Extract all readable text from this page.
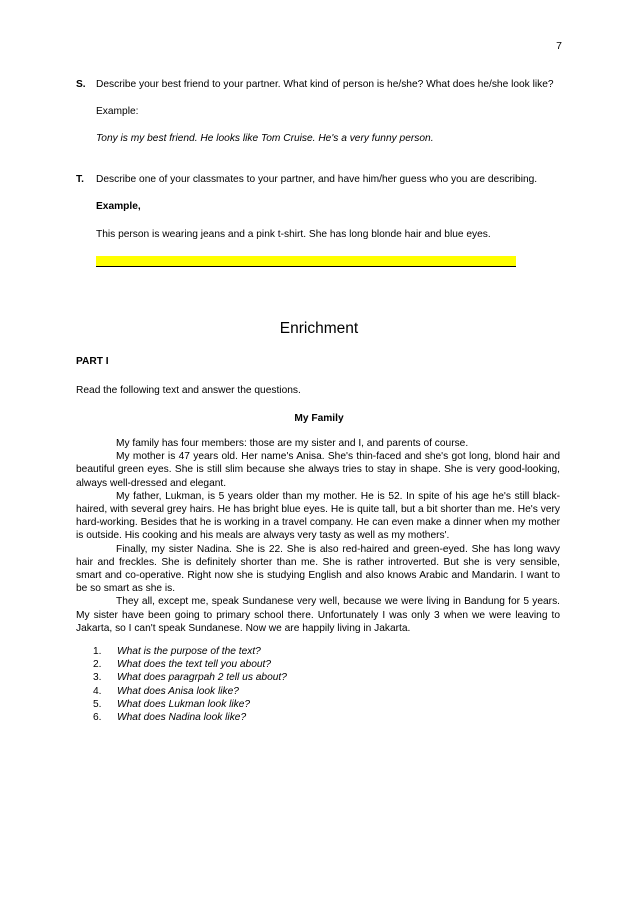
7
S. Describe your best friend to your partner. What kind of person is he/she? What does he/she look like?

Example:

Tony is my best friend. He looks like Tom Cruise. He's a very funny person.

T. Describe one of your classmates to your partner, and have him/her guess who you are describing.

Example,

This person is wearing jeans and a pink t-shirt. She has long blonde hair and blue eyes.

Enrichment
PART I
Read the following text and answer the questions.
My Family

My family has four members: those are my sister and I, and parents of course.

My mother is 47 years old. Her name's Anisa. She's thin-faced and she's got long, blond hair and beautiful green eyes. She is still slim because she always tries to stay in shape. She is very good-looking, always well-dressed and elegant.

My father, Lukman, is 5 years older than my mother. He is 52. In spite of his age he's still black-haired, with several grey hairs. He has bright blue eyes. He is quite tall, but a bit shorter than me. He's very hard-working. Besides that he is working in a travel company. He can even make a dinner when my mother is outside. His cooking and his meals are always very tasty as well as my mothers'.

Finally, my sister Nadina. She is 22. She is also red-haired and green-eyed. She has long wavy hair and freckles. She is definitely shorter than me. She is rather introverted. But she is very sensible, smart and co-operative. Right now she is studying English and also knows Arabic and Mandarin. I want to be so smart as she is.

They all, except me, speak Sundanese very well, because we were living in Bandung for 5 years. My sister have been going to primary school there. Unfortunately I was only 3 when we were leaving to Jakarta, so I can't speak Sundanese. Now we are happily living in Jakarta.

1. What is the purpose of the text?
2. What does the text tell you about?
3. What does paragrpah 2 tell us about?
4. What does Anisa look like?
5. What does Lukman look like?
6. What does Nadina look like?
